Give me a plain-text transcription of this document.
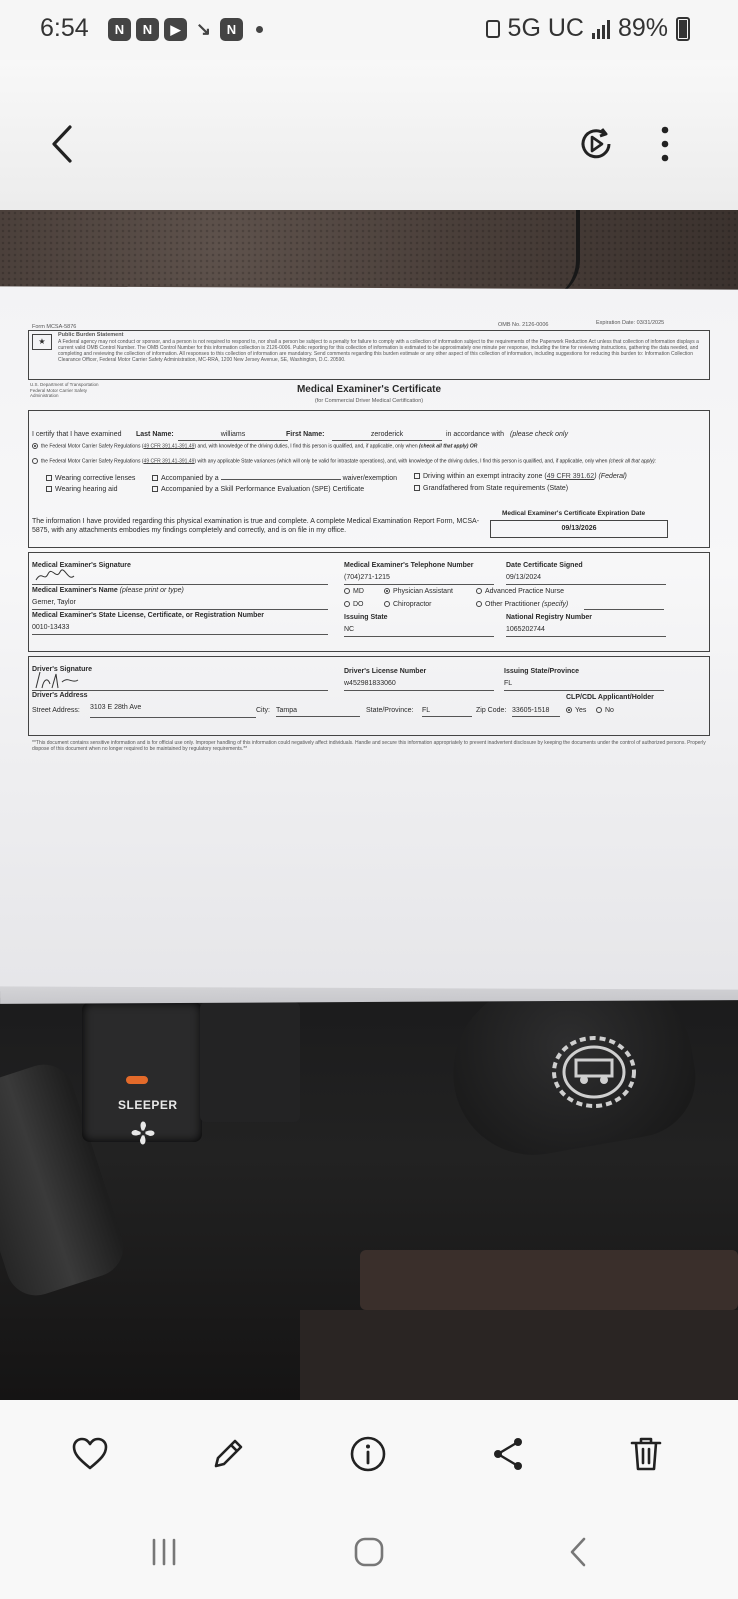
6:54	N	N	▶ ↘	N	5G UC 89%
SLEEPER
Form MCSA-5876	OMB No. 2126-0006	Expiration Date: 03/31/2025
★
Public Burden Statement
A Federal agency may not conduct or sponsor, and a person is not required to respond to, nor shall a person be subject to a penalty for failure to comply with a collection of information subject to the requirements of the Paperwork Reduction Act unless that collection of information displays a current valid OMB Control Number. The OMB Control Number for this information collection is 2126-0006. Public reporting for this collection of information is estimated to be approximately one minute per response, including the time for reviewing instructions, gathering the data needed, and completing and reviewing the collection of information. All responses to this collection of information are mandatory. Send comments regarding this burden estimate or any other aspect of this collection of information, including suggestions for reducing this burden to: Information Collection Clearance Officer, Federal Motor Carrier Safety Administration, MC-RRA, 1200 New Jersey Avenue, SE, Washington, D.C. 20590.
U.S. Department of Transportation Federal Motor Carrier Safety Administration
Medical Examiner's Certificate
(for Commercial Driver Medical Certification)
I certify that I have examined Last Name:	williams	First Name:	zeroderick	in accordance with (please check only
the Federal Motor Carrier Safety Regulations (49 CFR 391.41-391.49) and, with knowledge of the driving duties, I find this person is qualified, and, if applicable, only when (check all that apply) OR
the Federal Motor Carrier Safety Regulations (49 CFR 391.41-391.49) with any applicable State variances (which will only be valid for intrastate operations), and, with knowledge of the driving duties, I find this person is qualified, and, if applicable, only when (check all that apply):
Wearing corrective lenses
Wearing hearing aid
Accompanied by a	waiver/exemption
Accompanied by a Skill Performance Evaluation (SPE) Certificate
Driving within an exempt intracity zone (49 CFR 391.62) (Federal)
Grandfathered from State requirements (State)
The information I have provided regarding this physical examination is true and complete. A complete Medical Examination Report Form, MCSA-5875, with any attachments embodies my findings completely and correctly, and is on file in my office.
Medical Examiner's Certificate Expiration Date
09/13/2026
Medical Examiner's Signature	Medical Examiner's Telephone Number
(704)271-1215
Date Certificate Signed
09/13/2024
Medical Examiner's Name (please print or type)
Gerner, Taylor
MD	Physician Assistant	Advanced Practice Nurse
DO	Chiropractor	Other Practitioner (specify)
Medical Examiner's State License, Certificate, or Registration Number
0010-13433
Issuing State
NC
National Registry Number
1065202744
Driver's Signature	Driver's License Number
w452981833060
Issuing State/Province
FL
Driver's Address	CLP/CDL Applicant/Holder
Street Address: 3103 E 28th Ave	City: Tampa	State/Province: FL	Zip Code: 33605-1518	Yes	No
**This document contains sensitive information and is for official use only. Improper handling of this information could negatively affect individuals. Handle and secure this information appropriately to prevent inadvertent disclosure by keeping the documents under the control of authorized persons. Properly dispose of this document when no longer required to be maintained by regulatory requirements.**
